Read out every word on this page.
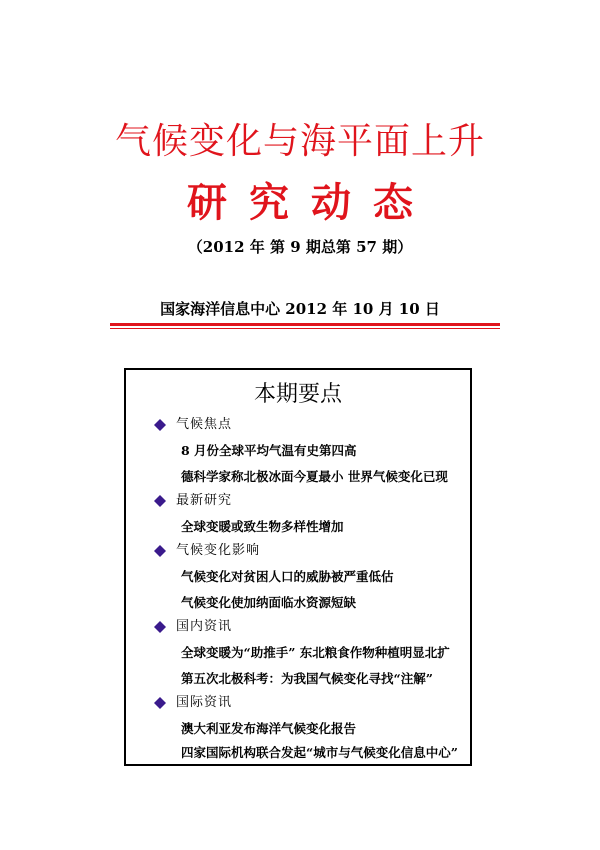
气候变化与海平面上升
研究动态
（2012 年 第 9 期总第 57 期）
国家海洋信息中心 2012 年 10 月 10 日
本期要点
气候焦点
8 月份全球平均气温有史第四高
德科学家称北极冰面今夏最小 世界气候变化已现
最新研究
全球变暖或致生物多样性增加
气候变化影响
气候变化对贫困人口的威胁被严重低估
气候变化使加纳面临水资源短缺
国内资讯
全球变暖为“助推手” 东北粮食作物种植明显北扩
第五次北极科考：为我国气候变化寻找“注解”
国际资讯
澳大利亚发布海洋气候变化报告
四家国际机构联合发起“城市与气候变化信息中心”
